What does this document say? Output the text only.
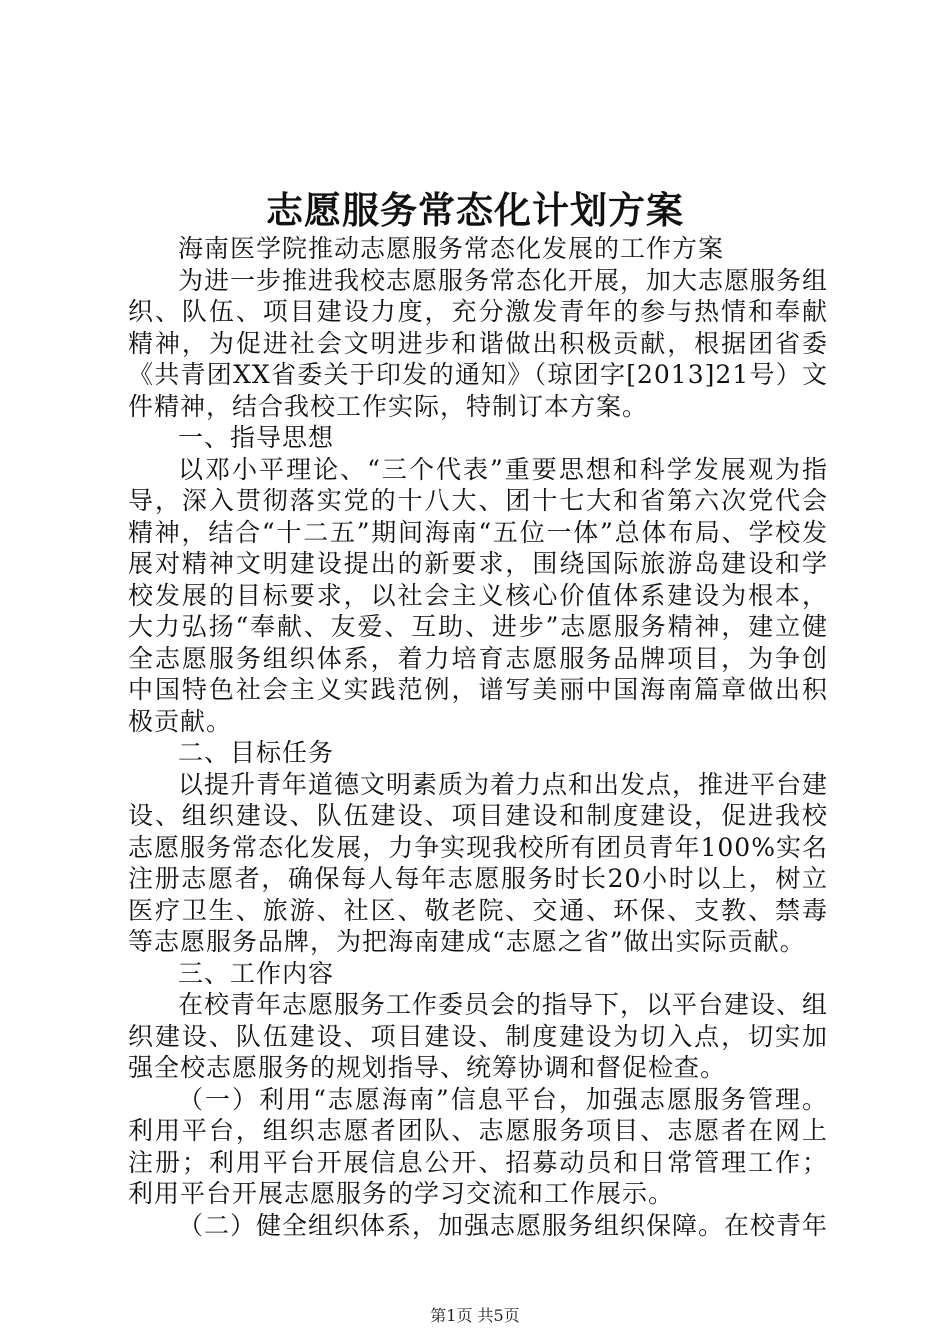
志愿服务常态化计划方案

海南医学院推动志愿服务常态化发展的工作方案

为进一步推进我校志愿服务常态化开展，加大志愿服务组织、队伍、项目建设力度，充分激发青年的参与热情和奉献精神，为促进社会文明进步和谐做出积极贡献，根据团省委《共青团XX省委关于印发的通知》（琼团字[2013]21号）文件精神，结合我校工作实际，特制订本方案。

一、指导思想

以邓小平理论、“三个代表”重要思想和科学发展观为指导，深入贯彻落实党的十八大、团十七大和省第六次党代会精神，结合“十二五”期间海南“五位一体”总体布局、学校发展对精神文明建设提出的新要求，围绕国际旅游岛建设和学校发展的目标要求，以社会主义核心价值体系建设为根本，大力弘扬“奉献、友爱、互助、进步”志愿服务精神，建立健全志愿服务组织体系，着力培育志愿服务品牌项目，为争创中国特色社会主义实践范例，谱写美丽中国海南篇章做出积极贡献。

二、目标任务

以提升青年道德文明素质为着力点和出发点，推进平台建设、组织建设、队伍建设、项目建设和制度建设，促进我校志愿服务常态化发展，力争实现我校所有团员青年100%实名注册志愿者，确保每人每年志愿服务时长20小时以上，树立医疗卫生、旅游、社区、敬老院、交通、环保、支教、禁毒等志愿服务品牌，为把海南建成“志愿之省”做出实际贡献。

三、工作内容

在校青年志愿服务工作委员会的指导下，以平台建设、组织建设、队伍建设、项目建设、制度建设为切入点，切实加强全校志愿服务的规划指导、统筹协调和督促检查。

（一）利用“志愿海南”信息平台，加强志愿服务管理。利用平台，组织志愿者团队、志愿服务项目、志愿者在网上注册；利用平台开展信息公开、招募动员和日常管理工作；利用平台开展志愿服务的学习交流和工作展示。

（二）健全组织体系，加强志愿服务组织保障。在校青年

第1页 共5页
